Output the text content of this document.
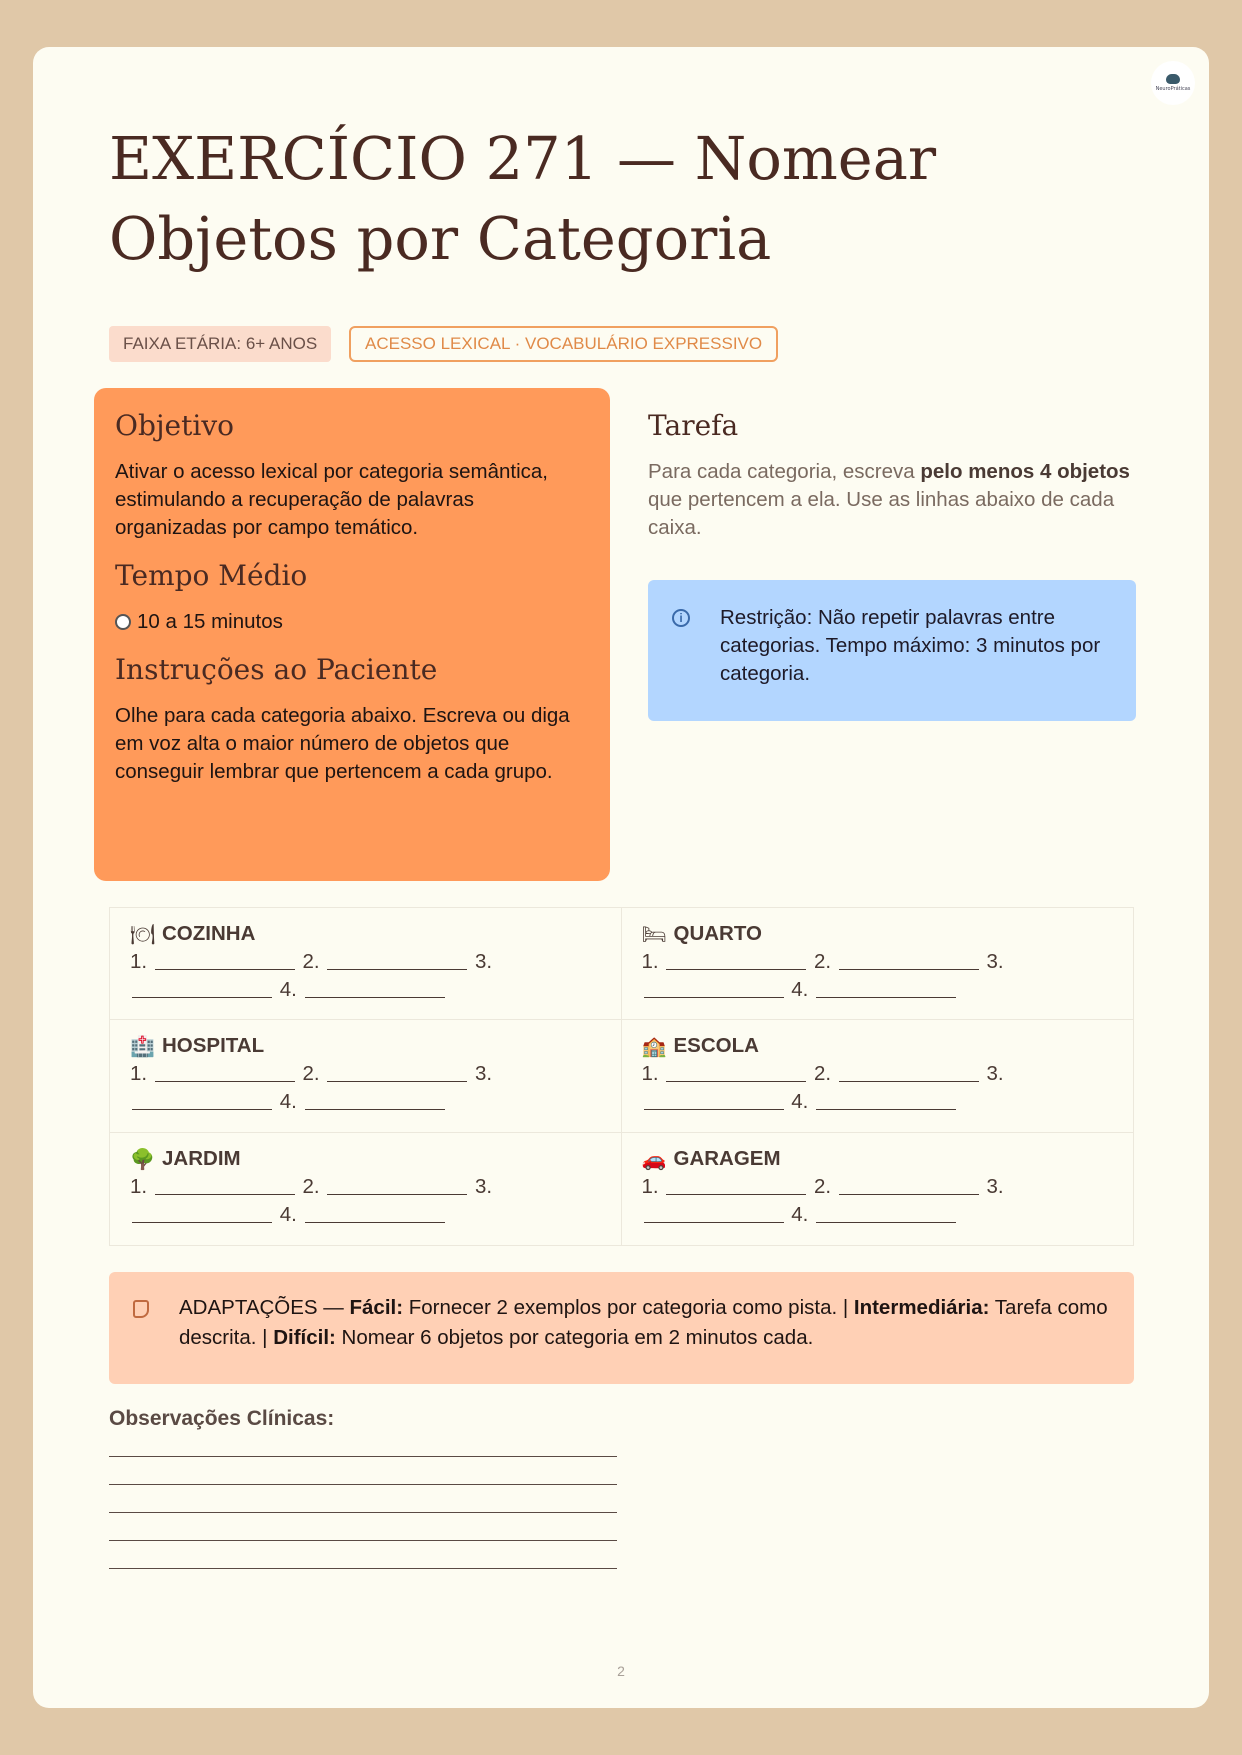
NeuroPráticas
EXERCÍCIO 271 — Nomear Objetos por Categoria
FAIXA ETÁRIA: 6+ ANOS	ACESSO LEXICAL · VOCABULÁRIO EXPRESSIVO
Objetivo

Ativar o acesso lexical por categoria semântica, estimulando a recuperação de palavras organizadas por campo temático.

Tempo Médio

10 a 15 minutos

Instruções ao Paciente

Olhe para cada categoria abaixo. Escreva ou diga em voz alta o maior número de objetos que conseguir lembrar que pertencem a cada grupo.

Tarefa

Para cada categoria, escreva pelo menos 4 objetos que pertencem a ela. Use as linhas abaixo de cada caixa.

i	Restrição: Não repetir palavras entre categorias. Tempo máximo: 3 minutos por categoria.
🍽 COZINHA
1.	2.	3.
4.
🛏 QUARTO
1.	2.	3.
4.
🏥 HOSPITAL
1.	2.	3.
4.
🏫 ESCOLA
1.	2.	3.
4.
🌳 JARDIM
1.	2.	3.
4.
🚗 GARAGEM
1.	2.	3.
4.
ADAPTAÇÕES — Fácil: Fornecer 2 exemplos por categoria como pista. | Intermediária: Tarefa como descrita. | Difícil: Nomear 6 objetos por categoria em 2 minutos cada.

Observações Clínicas:

2
